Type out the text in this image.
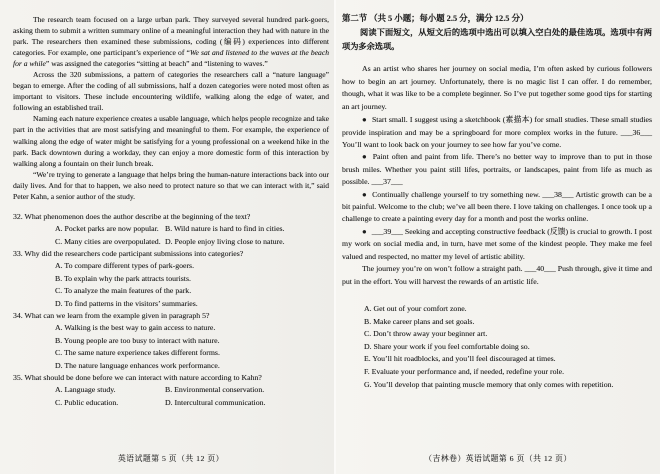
The research team focused on a large urban park. They surveyed several hundred park-goers, asking them to submit a written summary online of a meaningful interaction they had with nature in the park. The researchers then examined these submissions, coding (编码) experiences into different categories. For example, one participant’s experience of “We sat and listened to the waves at the beach for a while” was assigned the categories “sitting at beach” and “listening to waves.”

Across the 320 submissions, a pattern of categories the researchers call a “nature language” began to emerge. After the coding of all submissions, half a dozen categories were noted most often as important to visitors. These include encountering wildlife, walking along the edge of water, and following an established trail.

Naming each nature experience creates a usable language, which helps people recognize and take part in the activities that are most satisfying and meaningful to them. For example, the experience of walking along the edge of water might be satisfying for a young professional on a weekend hike in the park. Back downtown during a workday, they can enjoy a more domestic form of this interaction by walking along a fountain on their lunch break.

“We’re trying to generate a language that helps bring the human-nature interactions back into our daily lives. And for that to happen, we also need to protect nature so that we can interact with it,” said Peter Kahn, a senior author of the study.

32. What phenomenon does the author describe at the beginning of the text?
A. Pocket parks are now popular. B. Wild nature is hard to find in cities.
C. Many cities are overpopulated. D. People enjoy living close to nature.
33. Why did the researchers code participant submissions into categories?
A. To compare different types of park-goers.
B. To explain why the park attracts tourists.
C. To analyze the main features of the park.
D. To find patterns in the visitors’ summaries.
34. What can we learn from the example given in paragraph 5?
A. Walking is the best way to gain access to nature.
B. Young people are too busy to interact with nature.
C. The same nature experience takes different forms.
D. The nature language enhances work performance.
35. What should be done before we can interact with nature according to Kahn?
A. Language study.	B. Environmental conservation.
C. Public education.	D. Intercultural communication.
英语试题第 5 页（共 12 页）
第二节 （共 5 小题；每小题 2.5 分，满分 12.5 分）
阅读下面短文，从短文后的选项中选出可以填入空白处的最佳选项。选项中有两项为多余选项。

As an artist who shares her journey on social media, I’m often asked by curious followers how to begin an art journey. Unfortunately, there is no magic list I can offer. I do remember, though, what it was like to be a complete beginner. So I’ve put together some good tips for starting an art journey.

● Start small. I suggest using a sketchbook (素描本) for small studies. These small studies provide inspiration and may be a springboard for more complex works in the future. ___36___ You’ll want to look back on your journey to see how far you’ve come.

● Paint often and paint from life. There’s no better way to improve than to put in those brush miles. Whether you paint still lifes, portraits, or landscapes, paint from life as much as possible. ___37___

● Continually challenge yourself to try something new. ___38___ Artistic growth can be a bit painful. Welcome to the club; we’ve all been there. I love taking on challenges. I once took up a challenge to create a painting every day for a month and post the works online.

● ___39___ Seeking and accepting constructive feedback (反馈) is crucial to growth. I post my work on social media and, in turn, have met some of the kindest people. They make me feel valued and respected, no matter my level of artistic ability.

The journey you’re on won’t follow a straight path. ___40___ Push through, give it time and put in the effort. You will harvest the rewards of an artistic life.

A. Get out of your comfort zone.
B. Make career plans and set goals.
C. Don’t throw away your beginner art.
D. Share your work if you feel comfortable doing so.
E. You’ll hit roadblocks, and you’ll feel discouraged at times.
F. Evaluate your performance and, if needed, redefine your role.
G. You’ll develop that painting muscle memory that only comes with repetition.
（吉林卷）英语试题第 6 页（共 12 页）
